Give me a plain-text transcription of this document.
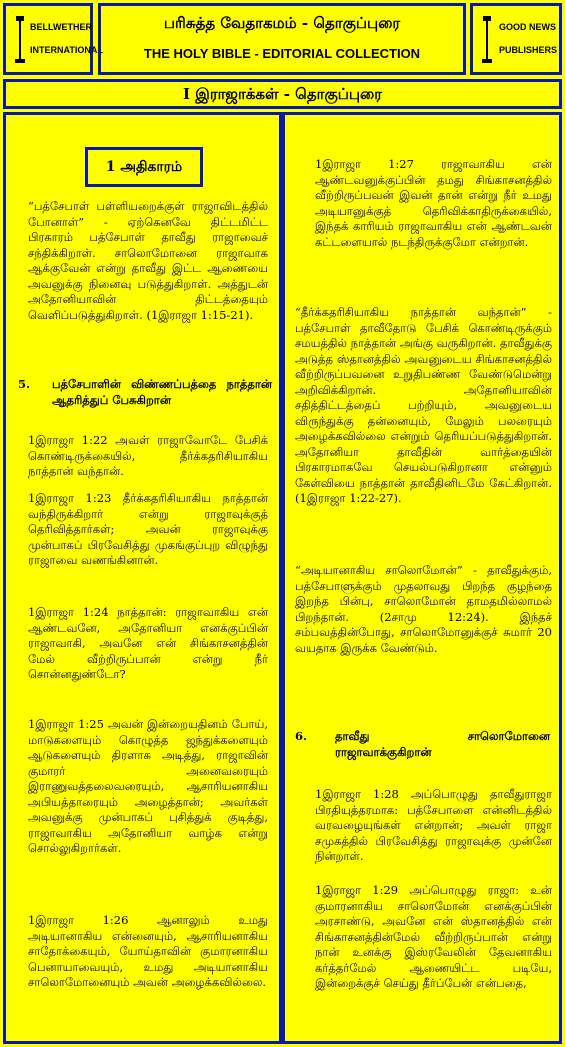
BELLWETHER
INTERNATIONAL
பரிசுத்த வேதாகமம் - தொகுப்புரை
THE HOLY BIBLE - EDITORIAL COLLECTION
GOOD NEWS
PUBLISHERS
I இராஜாக்கள் - தொகுப்புரை
1 அதிகாரம்

“பத்சேபாள் பள்ளியறைக்குள் ராஜாவிடத்தில் போனாள்” - ஏற்கெனவே திட்டமிட்ட பிரகாரம் பத்சேபாள் தாவீது ராஜாவைச் சந்திக்கிறாள். சாலொமோனை ராஜாவாக ஆக்குவேன் என்று தாவீது இட்ட ஆணையை அவனுக்கு நினைவு படுத்துகிறாள். அத்துடன் அதோனியாவின் திட்டத்தையும் வெளிப்படுத்துகிறாள். (1இராஜா 1:15-21).

5. பத்சேபாளின் விண்ணப்பத்தை நாத்தான் ஆதரித்துப் பேசுகிறான்

1இராஜா 1:22 அவள் ராஜாவோடே பேசிக் கொண்டிருக்கையில், தீர்க்கதரிசியாகிய நாத்தான் வந்தான்.

1இராஜா 1:23 தீர்க்கதரிசியாகிய நாத்தான் வந்திருக்கிறார் என்று ராஜாவுக்குத் தெரிவித்தார்கள்; அவன் ராஜாவுக்கு முன்பாகப் பிரவேசித்து முகங்குப்புற விழுந்து ராஜாவை வணங்கினான்.

1இராஜா 1:24 நாத்தான்: ராஜாவாகிய என் ஆண்டவனே, அதோனியா எனக்குப்பின் ராஜாவாகி, அவனே என் சிங்காசனத்தின் மேல் வீற்றிருப்பான் என்று நீர் சொன்னதுண்டோ?

1இராஜா 1:25 அவன் இன்றையதினம் போய், மாடுகளையும் கொழுத்த ஜந்துக்களையும் ஆடுகளையும் திரளாக அடித்து, ராஜாவின் குமாரர் அனைவரையும் இராணுவத்தலைவரையும், ஆசாரியனாகிய அபியத்தாரையும் அழைத்தான்; அவர்கள் அவனுக்கு முன்பாகப் புசித்துக் குடித்து, ராஜாவாகிய அதோனியா வாழ்க என்று சொல்லுகிறார்கள்.

1இராஜா 1:26 ஆனாலும் உமது அடியானாகிய என்னையும், ஆசாரியனாகிய சாதோக்கையும், யோய்தாவின் குமாரனாகிய பெனாயாவையும், உமது அடியானாகிய சாலொமோனையும் அவன் அழைக்கவில்லை.

1இராஜா 1:27 ராஜாவாகிய என் ஆண்டவனுக்குப்பின் தமது சிங்காசனத்தில் வீற்றிருப்பவன் இவன் தான் என்று நீர் உமது அடியானுக்குத் தெரிவிக்காதிருக்கையில், இந்தக் காரியம் ராஜாவாகிய என் ஆண்டவன் கட்டளையால் நடந்திருக்குமோ என்றான்.

“தீர்க்கதரிசியாகிய நாத்தான் வந்தான்” - பத்சேபாள் தாவீதோடு பேசிக் கொண்டிருக்கும் சமயத்தில் நாத்தான் அங்கு வருகிறான். தாவீதுக்கு அடுத்த ஸ்தானத்தில் அவனுடைய சிங்காசனத்தில் வீற்றிருப்பவனை உறுதிபண்ண வேண்டுமென்று அறிவிக்கிறான். அதோனியாவின் சதித்திட்டத்தைப் பற்றியும், அவனுடைய விருந்துக்கு தன்னையும், மேலும் பலரையும் அழைக்கவில்லை என்றும் தெரியப்படுத்துகிறான். அதோனியா தாவீதின் வார்த்தையின் பிரகாரமாகவே செயல்படுகிறானா என்னும் கேள்வியை நாத்தான் தாவீதினிடமே கேட்கிறான். (1இராஜா 1:22-27).

“அடியானாகிய சாலொமோன்” - தாவீதுக்கும், பத்சேபாளுக்கும் முதலாவது பிறந்த குழந்தை இறந்த பின்பு, சாலொமோன் தாமதமில்லாமல் பிறந்தான். (2சாமு 12:24). இந்தச் சம்பவத்தின்போது, சாலொமோனுக்குச் சுமார் 20 வயதாக இருக்க வேண்டும்.

6. தாவீது சாலொமோனை ராஜாவாக்குகிறான்

1இராஜா 1:28 அப்பொழுது தாவீதுராஜா பிரதியுத்தரமாக: பத்சேபாளை என்னிடத்தில் வரவழையுங்கள் என்றான்; அவள் ராஜா சமுகத்தில் பிரவேசித்து ராஜாவுக்கு முன்னே நின்றாள்.

1இராஜா 1:29 அப்பொழுது ராஜா: உன் குமாரனாகிய சாலொமோன் எனக்குப்பின் அரசாண்டு, அவனே என் ஸ்தானத்தில் என் சிங்காசனத்தின்மேல் வீற்றிருப்பான் என்று நான் உனக்கு இஸ்ரவேலின் தேவனாகிய கர்த்தர்மேல் ஆணையிட்ட படியே, இன்றைக்குச் செய்து தீர்ப்பேன் என்பதை,
